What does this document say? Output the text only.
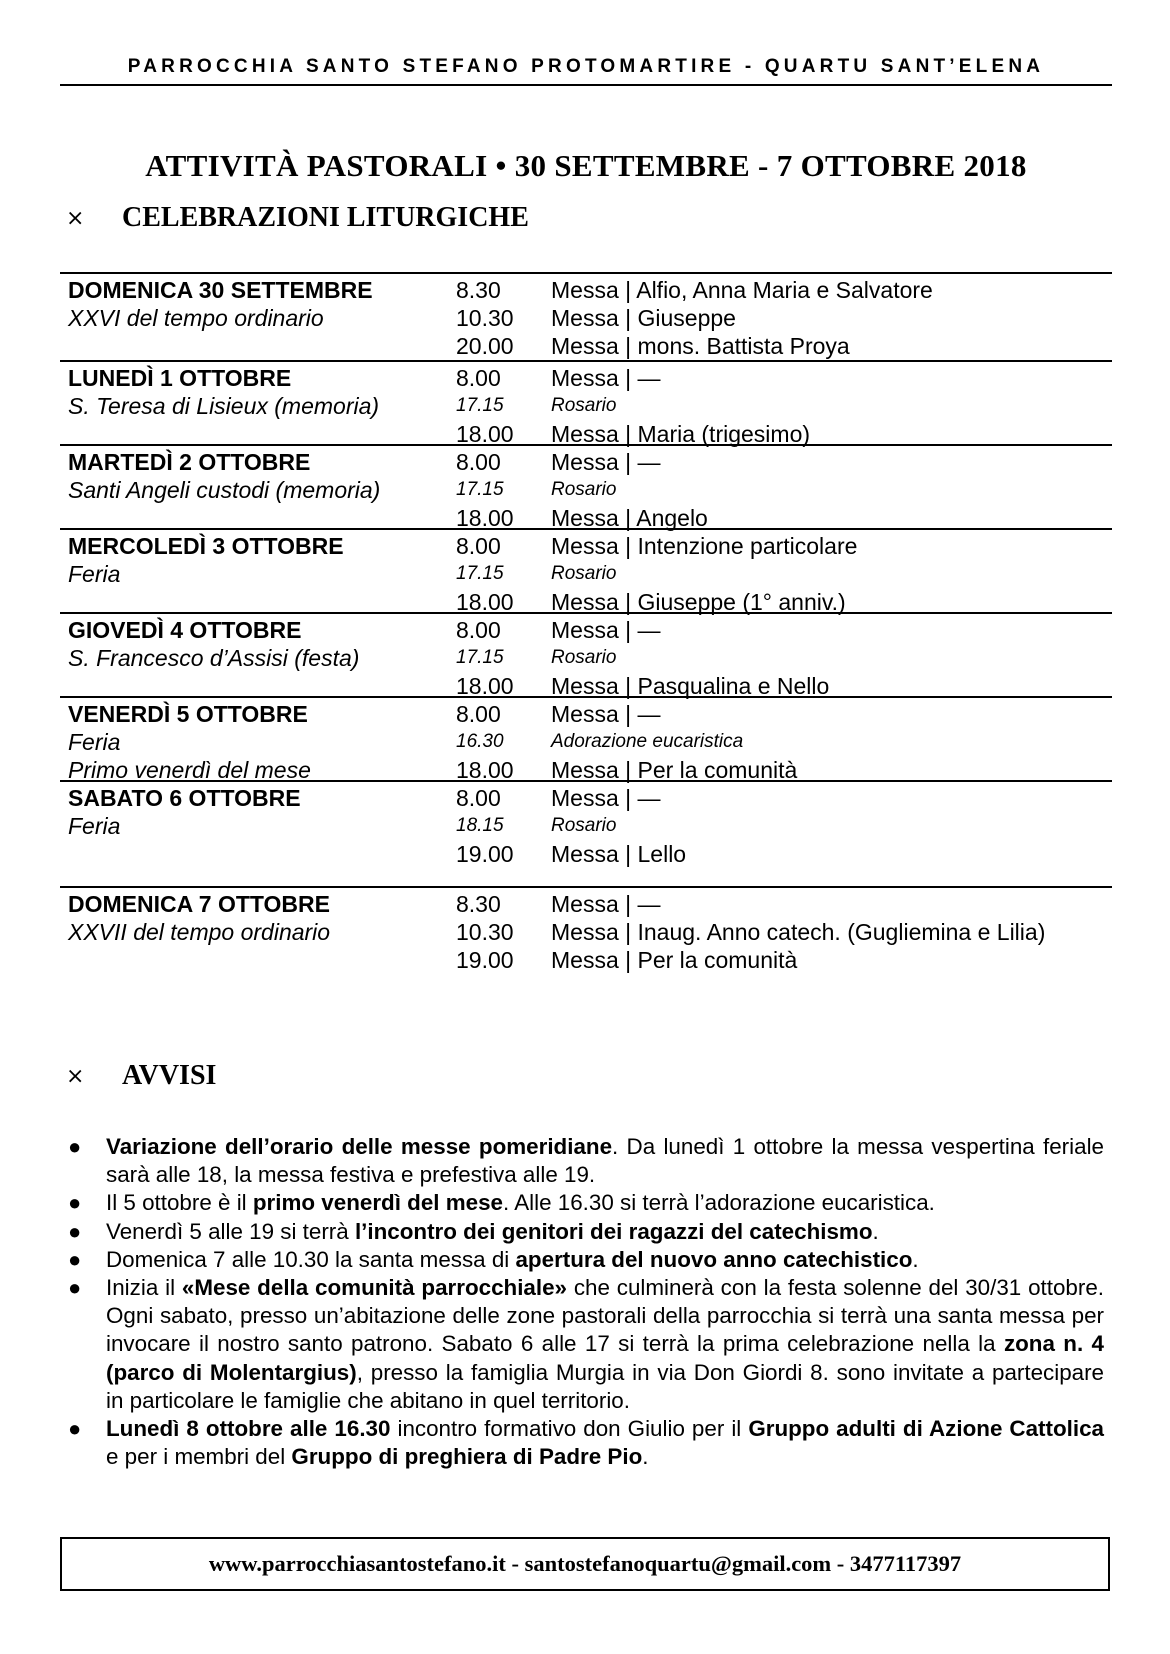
PARROCCHIA SANTO STEFANO PROTOMARTIRE - QUARTU SANT’ELENA
ATTIVITÀ PASTORALI • 30 SETTEMBRE - 7 OTTOBRE 2018
⨯	CELEBRAZIONI LITURGICHE
DOMENICA 30 SETTEMBRE	8.30	Messa | Alfio, Anna Maria e Salvatore
XXVI del tempo ordinario	10.30	Messa | Giuseppe
20.00	Messa | mons. Battista Proya
LUNEDÌ 1 OTTOBRE	8.00	Messa | —
S. Teresa di Lisieux (memoria)	17.15	Rosario
18.00	Messa | Maria (trigesimo)
MARTEDÌ 2 OTTOBRE	8.00	Messa | —
Santi Angeli custodi (memoria)	17.15	Rosario
18.00	Messa | Angelo
MERCOLEDÌ 3 OTTOBRE	8.00	Messa | Intenzione particolare
Feria	17.15	Rosario
18.00	Messa | Giuseppe (1° anniv.)
GIOVEDÌ 4 OTTOBRE	8.00	Messa | —
S. Francesco d’Assisi (festa)	17.15	Rosario
18.00	Messa | Pasqualina e Nello
VENERDÌ 5 OTTOBRE	8.00	Messa | —
Feria	16.30	Adorazione eucaristica
Primo venerdì del mese	18.00	Messa | Per la comunità
SABATO 6 OTTOBRE	8.00	Messa | —
Feria	18.15	Rosario
19.00	Messa | Lello
DOMENICA 7 OTTOBRE	8.30	Messa | —
XXVII del tempo ordinario	10.30	Messa | Inaug. Anno catech. (Gugliemina e Lilia)
19.00	Messa | Per la comunità
⨯	AVVISI
● Variazione dell’orario delle messe pomeridiane. Da lunedì 1 ottobre la messa vespertina feriale sarà alle 18, la messa festiva e prefestiva alle 19.
● Il 5 ottobre è il primo venerdì del mese. Alle 16.30 si terrà l’adorazione eucaristica.
● Venerdì 5 alle 19 si terrà l’incontro dei genitori dei ragazzi del catechismo.
● Domenica 7 alle 10.30 la santa messa di apertura del nuovo anno catechistico.
● Inizia il «Mese della comunità parrocchiale» che culminerà con la festa solenne del 30/31 ottobre. Ogni sabato, presso un’abitazione delle zone pastorali della parrocchia si terrà una santa messa per invocare il nostro santo patrono. Sabato 6 alle 17 si terrà la prima celebrazione nella la zona n. 4 (parco di Molentargius), presso la famiglia Murgia in via Don Giordi 8. sono invitate a partecipare in particolare le famiglie che abitano in quel territorio.
● Lunedì 8 ottobre alle 16.30 incontro formativo don Giulio per il Gruppo adulti di Azione Cattolica e per i membri del Gruppo di preghiera di Padre Pio.
www.parrocchiasantostefano.it - santostefanoquartu@gmail.com - 3477117397
